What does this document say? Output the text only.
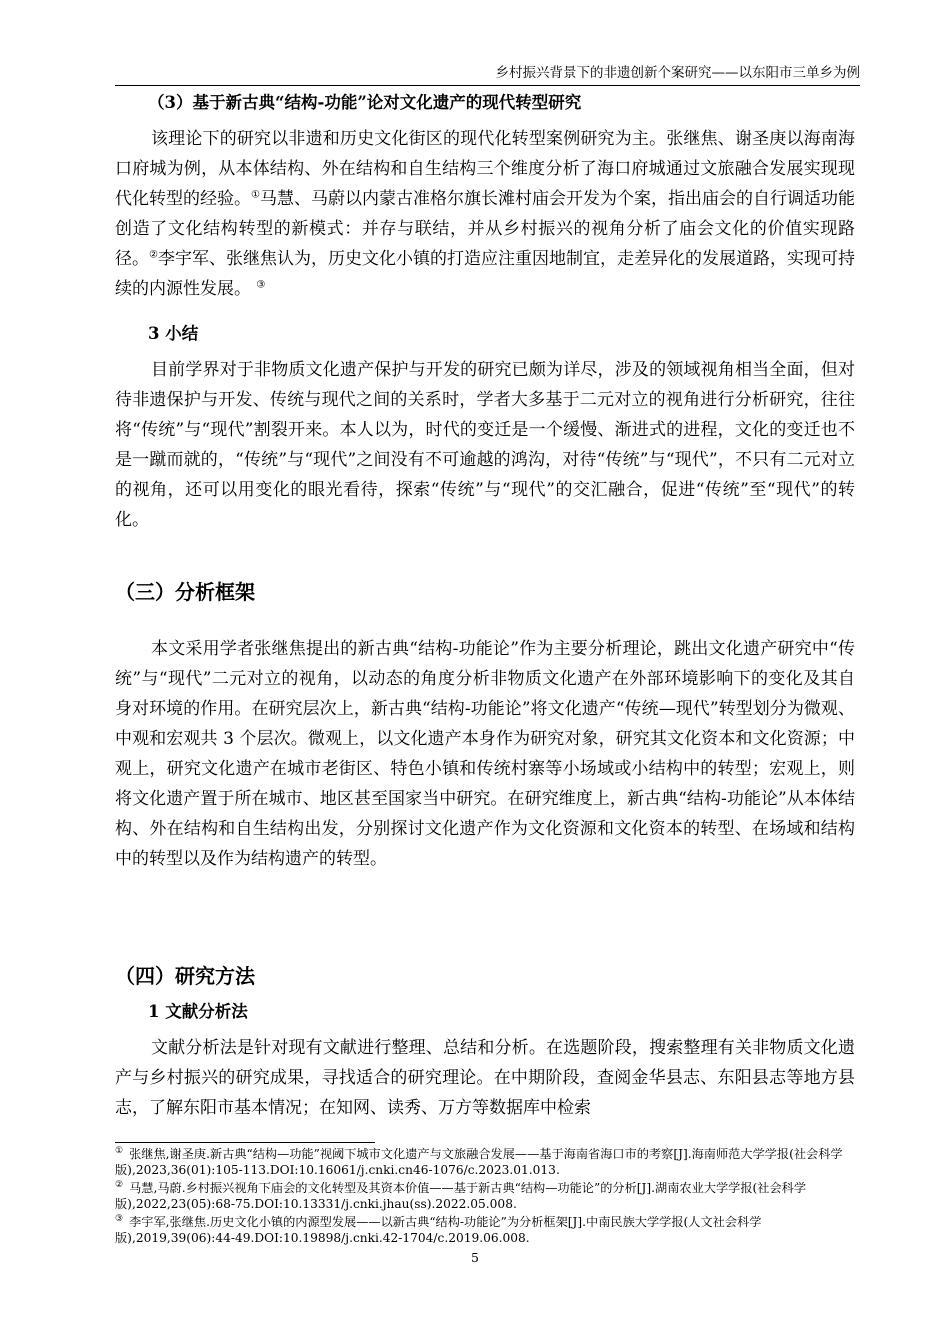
乡村振兴背景下的非遗创新个案研究——以东阳市三单乡为例
（3）基于新古典“结构-功能”论对文化遗产的现代转型研究

该理论下的研究以非遗和历史文化街区的现代化转型案例研究为主。张继焦、谢圣庚以海南海口府城为例，从本体结构、外在结构和自生结构三个维度分析了海口府城通过文旅融合发展实现现代化转型的经验。①马慧、马蔚以内蒙古准格尔旗长滩村庙会开发为个案，指出庙会的自行调适功能创造了文化结构转型的新模式：并存与联结，并从乡村振兴的视角分析了庙会文化的价值实现路径。②李宇军、张继焦认为，历史文化小镇的打造应注重因地制宜，走差异化的发展道路，实现可持续的内源性发展。 ③

3 小结

目前学界对于非物质文化遗产保护与开发的研究已颇为详尽，涉及的领域视角相当全面，但对待非遗保护与开发、传统与现代之间的关系时，学者大多基于二元对立的视角进行分析研究，往往将“传统”与“现代”割裂开来。本人以为，时代的变迁是一个缓慢、渐进式的进程，文化的变迁也不是一蹴而就的，“传统”与“现代”之间没有不可逾越的鸿沟，对待“传统”与“现代”，不只有二元对立的视角，还可以用变化的眼光看待，探索“传统”与“现代”的交汇融合，促进“传统”至“现代”的转化。

（三）分析框架

本文采用学者张继焦提出的新古典“结构-功能论”作为主要分析理论，跳出文化遗产研究中“传统”与“现代”二元对立的视角，以动态的角度分析非物质文化遗产在外部环境影响下的变化及其自身对环境的作用。在研究层次上，新古典“结构-功能论”将文化遗产“传统—现代”转型划分为微观、中观和宏观共 3 个层次。微观上，以文化遗产本身作为研究对象，研究其文化资本和文化资源；中观上，研究文化遗产在城市老街区、特色小镇和传统村寨等小场域或小结构中的转型；宏观上，则将文化遗产置于所在城市、地区甚至国家当中研究。在研究维度上，新古典“结构-功能论”从本体结构、外在结构和自生结构出发，分别探讨文化遗产作为文化资源和文化资本的转型、在场域和结构中的转型以及作为结构遗产的转型。

（四）研究方法
1 文献分析法

文献分析法是针对现有文献进行整理、总结和分析。在选题阶段，搜索整理有关非物质文化遗产与乡村振兴的研究成果，寻找适合的研究理论。在中期阶段，查阅金华县志、东阳县志等地方县志，了解东阳市基本情况；在知网、读秀、万方等数据库中检索

① 张继焦,谢圣庚.新古典“结构—功能”视阈下城市文化遗产与文旅融合发展——基于海南省海口市的考察[J].海南师范大学学报(社会科学版),2023,36(01):105-113.DOI:10.16061/j.cnki.cn46-1076/c.2023.01.013.

② 马慧,马蔚.乡村振兴视角下庙会的文化转型及其资本价值——基于新古典“结构—功能论”的分析[J].湖南农业大学学报(社会科学版),2022,23(05):68-75.DOI:10.13331/j.cnki.jhau(ss).2022.05.008.

③ 李宇军,张继焦.历史文化小镇的内源型发展——以新古典“结构-功能论”为分析框架[J].中南民族大学学报(人文社会科学版),2019,39(06):44-49.DOI:10.19898/j.cnki.42-1704/c.2019.06.008.

5
